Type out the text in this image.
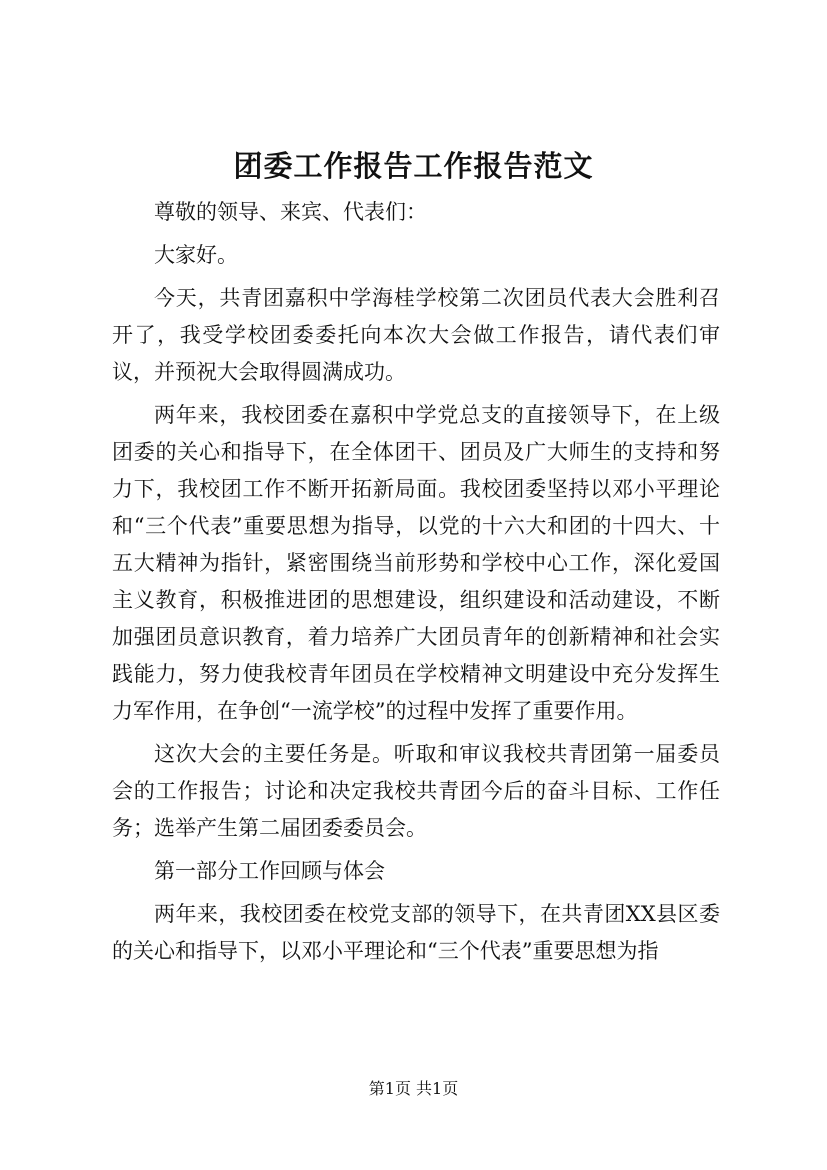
团委工作报告工作报告范文

尊敬的领导、来宾、代表们：

大家好。

今天，共青团嘉积中学海桂学校第二次团员代表大会胜利召开了，我受学校团委委托向本次大会做工作报告，请代表们审议，并预祝大会取得圆满成功。

两年来，我校团委在嘉积中学党总支的直接领导下，在上级团委的关心和指导下，在全体团干、团员及广大师生的支持和努力下，我校团工作不断开拓新局面。我校团委坚持以邓小平理论和“三个代表”重要思想为指导，以党的十六大和团的十四大、十五大精神为指针，紧密围绕当前形势和学校中心工作，深化爱国主义教育，积极推进团的思想建设，组织建设和活动建设，不断加强团员意识教育，着力培养广大团员青年的创新精神和社会实践能力，努力使我校青年团员在学校精神文明建设中充分发挥生力军作用，在争创“一流学校”的过程中发挥了重要作用。

这次大会的主要任务是。听取和审议我校共青团第一届委员会的工作报告；讨论和决定我校共青团今后的奋斗目标、工作任务；选举产生第二届团委委员会。

第一部分工作回顾与体会

两年来，我校团委在校党支部的领导下，在共青团XX县区委的关心和指导下，以邓小平理论和“三个代表”重要思想为指

第1页 共1页
